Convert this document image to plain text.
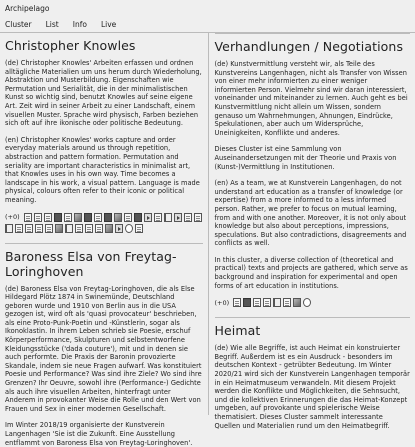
Archipelago
Cluster List Info Live
Christopher Knowles

(de) Christopher Knowles' Arbeiten erfassen und ordnen alltägliche Materialien um uns herum durch Wiederholung, Abstraktion und Musterbildung. Eigenschaften wie Permutation und Serialität, die in der minimalistischen Kunst so wichtig sind, benutzt Knowles auf seine eigene Art. Zeit wird in seiner Arbeit zu einer Landschaft, einem visuellen Muster. Sprache wird physisch, Farben beziehen sich oft auf ihre ikonische oder politische Bedeutung.

(en) Christopher Knowles' works capture and order everyday materials around us through repetition, abstraction and pattern formation. Permutation and seriality are important characteristics in minimalist art, that Knowles uses in his own way. Time becomes a landscape in his work, a visual pattern. Language is made physical, colours often refer to their iconic or political meaning.

(+0)
Baroness Elsa von Freytag-Loringhoven

(de) Baroness Elsa von Freytag-Loringhoven, die als Else Hildegard Plötz 1874 in Swinemünde, Deutschland geboren wurde und 1910 von Berlin aus in die USA gezogen ist, wird oft als 'quasi provocateur' beschrieben, als eine Proto-Punk-Poetin und -Künstlerin, sogar als Ikonoklastin. In ihrem Leben schrieb sie Poesie, erschuf Körperperformance, Skulpturen und selbstentworfene Kleidungsstücke ('dada couture'), mit und in denen sie auch performte. Die Praxis der Baronin provozierte Skandale, indem sie neue Fragen aufwarf. Was konstituiert Poesie und Performance? Was sind ihre Ziele? Wo sind ihre Grenzen? Ihr Oeuvre, sowohl ihre (Performance-) Gedichte als auch ihre visuellen Arbeiten, hinterfragt unter Anderem in provokanter Weise die Rolle und den Wert von Frauen und Sex in einer modernen Gesellschaft.

Im Winter 2018/19 organisierte der Kunstverein Langenhagen 'Sie ist die Zukunft. Eine Ausstellung entflammt von Baroness Elsa von Freytag-Loringhoven'.

Verhandlungen / Negotiations

(de) Kunstvermittlung versteht wir, als Teile des Kunstvereins Langenhagen, nicht als Transfer von Wissen von einer mehr informierten zu einer weniger informierten Person. Vielmehr sind wir daran interessiert, voneinander und miteinander zu lernen. Auch geht es bei Kunstvermittlung nicht allein um Wissen, sondern genauso um Wahrnehmungen, Ahnungen, Eindrücke, Spekulationen, aber auch um Widersprüche, Uneinigkeiten, Konflikte und anderes.

Dieses Cluster ist eine Sammlung von Auseinandersetzungen mit der Theorie und Praxis von (Kunst-)Vermittlung in Institutionen.

(en) As a team, we at Kunstverein Langenhagen, do not understand art education as a transfer of knowledge (or expertise) from a more informed to a less informed person. Rather, we prefer to focus on mutual learning, from and with one another. Moreover, it is not only about knowledge but also about perceptions, impressions, speculations. But also contradictions, disagreements and conflicts as well.

In this cluster, a diverse collection of (theoretical and practical) texts and projects are gathered, which serve as background and inspiration for experimental and open forms of art education in institutions.

(+0)
Heimat

(de) Wie alle Begriffe, ist auch Heimat ein konstruierter Begriff. Außerdem ist es ein Ausdruck - besonders im deutschen Kontext - getrübter Bedeutung. Im Winter 2020/21 wird sich der Kunstverein Langenhagen temporär in ein Heimatmuseum verwandeln. Mit diesem Projekt werden die Konflikte und Möglichkeiten, die Sehnsucht, und die kollektiven Erinnerungen die das Heimat-Konzept umgeben, auf provokante und spielerische Weise thematisiert. Dieses Cluster sammelt interessante Quellen und Materialien rund um den Heimatbegriff.
